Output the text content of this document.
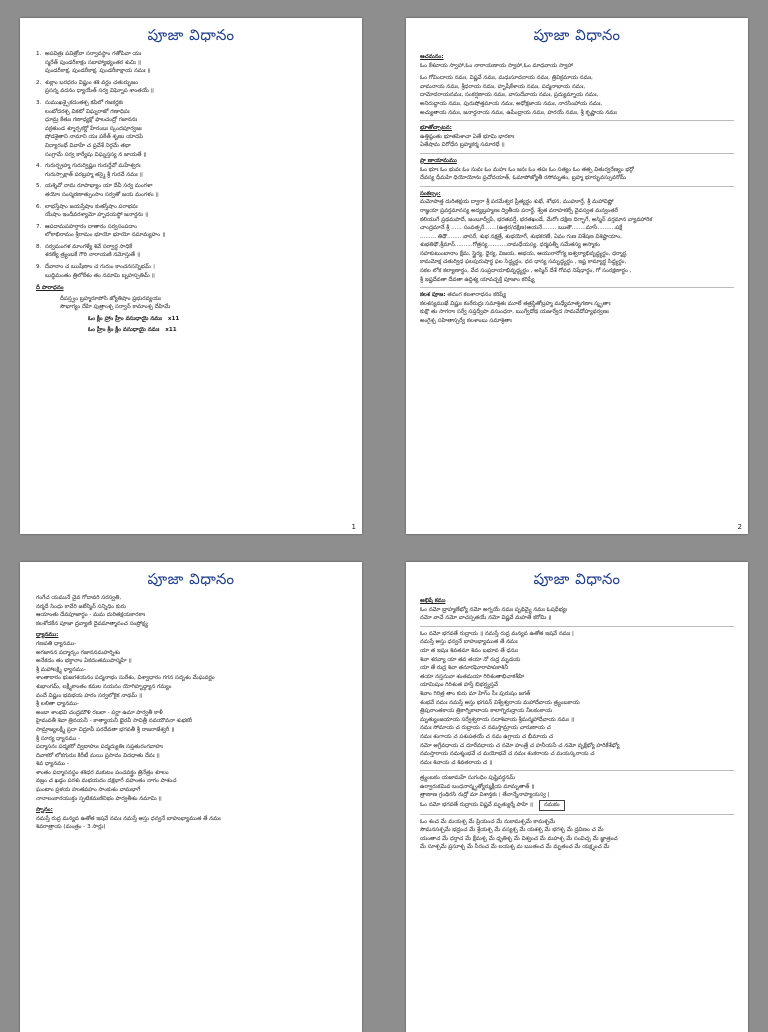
పూజా విధానం
1. అపవిత్రః పవిత్రోవా సర్వావస్థాం గతోపివా యః
స్మరేత్ పుండరీకాక్షం సబాహ్యాభ్యంతర శుచిః ॥
పుండరీకాక్ష, పుండరీకాక్ష, పుండరీకాక్షాయ నమః ॥
2. శుక్లాం బరధరం విష్ణుం శశి వర్ణం చతుర్భుజం
ప్రసన్న వదనం ధ్యాయేత్ సర్వ విఘ్నోప శాంతయే ॥
3. సుముఖశ్చైకదంతశ్చ కపిలో గజకర్ణకః
లంబోదరశ్చ వికటో విఘ్నరాజో గణాధిపః
ధూమ్ర కేతుః గణాధ్యక్షో ఫాలచంద్రో గజాననః
వక్రతుండ శ్శూర్పకర్ణో హేరంబః స్కందపూర్వజః
షోడశైతాని నామాని యః పఠేత్ శృణు యాదపి
విద్యారంభే వివాహే చ ప్రవేశే నిర్గమే తథా
సంగ్రామే సర్వ కార్యేషు విఘ్నస్తస్య న జాయతే ॥
4. గురుర్బ్రహ్మ గురుర్విష్ణుః గురుర్దేవో మహేశ్వరః
గురుస్సాక్షాత్ పరబ్రహ్మ తస్మై శ్రీ గురవే నమః ॥
5. యశ్శివో నామ రూపాభ్యాం యా దేవీ సర్వ మంగళా
తయోః సంస్మరణాత్పుంసాం సర్వతో జయ మంగళం ॥
6. లాభస్తేషాం జయస్తేషాం కుతస్తేషాం పరాభవః
యేషాం ఇందీవరశ్యామో హృదయస్థో జనార్దనః ॥
7. ఆపదామపహర్తారం దాతారం సర్వసంపదాం
లోకాభిరామం శ్రీరామం భూయో భూయో నమామ్యహం ॥
8. సర్వమంగళ మాంగళ్యే శివే సర్వార్థ సాధికే
శరణ్యే త్ర్యంబకే గౌరి నారాయణి నమోస్తుతే ॥
9. దేవానాం చ ఋషీణాం చ గురుం కాంచనసన్నిభమ్ ।
బుద్ధిమంతం త్రిలోకేశం తం నమామి బృహస్పతిమ్ ॥
దీ పారాధనం
దీపస్త్వం బ్రహ్మరూపోసి జ్యోతిషాం ప్రభురవ్యయః
సౌభాగ్యం దేహి పుత్రాంశ్చ సర్వాన్ కామాంశ్చ దేహిమే
ఓం క్లీం హ్రాం హ్రీం వసుధాయై నమః x11
ఓం హ్రీం శ్రీం క్లీం వసుధాయై నమః x11
1
పూజా విధానం
ఆచమనం:
ఓం కేశవాయ స్వాహా,ఓం నారాయణాయ స్వాహా,ఓం మాధవాయ స్వాహా
ఓం గోవిందాయ నమః, విష్ణవే నమః, మధుసూదనాయ నమః, త్రివిక్రమాయ నమః,
వామనాయ నమః, శ్రీధరాయ నమః, హృషీకేశాయ నమః, పద్మనాభాయ నమః,
దామోదరాయనమః, సంకర్షణాయ నమః, వాసుదేవాయ నమః, ప్రద్యుమ్నాయ నమః,
అనిరుద్ధాయ నమః, పురుషోత్తమాయ నమః, అధోక్షజాయ నమః, నారసింహాయ నమః,
అచ్యుతాయ నమః, జనార్దనాయ నమః, ఉపేంద్రాయ నమః, హరయే నమః, శ్రీ కృష్ణాయ నమః
భూతోచ్చాటన:
ఉత్తిష్ఠంతు భూతపిశాచా ఏతే భూమి భారకాః
ఏతేషామ విరోధేన బ్రహ్మకర్మ సమారభే ॥
ప్రా ణాయామము
ఓం భూః ఓం భువః ఓం సువః ఓం మహః ఓం జనః ఓం తపః ఓం సత్యం ఓం తత్స వితుర్వరేణ్యం భర్గో
దేవస్య ధీమహి ధియోయోనః ప్రచోదయాత్, ఓమాపోజ్యోతీ రసోమృతం, బ్రహ్మ భూర్భువస్సువరోమ్
సంకల్పం:
మమోపాత్త దురితక్షయ ద్వారా శ్రీ పరమేశ్వర ప్రీత్యర్థం శుభే, శోభన, ముహూర్తే, శ్రీ మహావిష్ణో
రాజ్ఞయా ప్రవర్తమానస్య అద్యబ్రహ్మణః ద్వితీయ పరార్థే, శ్వేత వరాహకల్పే వైవస్వత మన్వంతరే
కలియుగే ప్రథమపాదే, జంబూద్వీపే, భరతవర్షే, భరతఖండే, మేరోః దక్షిణ దిగ్భాగే, అస్మిన్ వర్తమాన వ్యావహారిక
చాంద్రమానే శ్రీ ...... సంవత్సరే.......(ఉత్తర/దక్షిణ)ఆయనే........ ఋతౌ........మాసే..........పక్షే
......... తిథౌ........ వాసరే, శుభ నక్షత్రే, శుభయోగే, శుభకరణే, ఏవం గుణ విశేషణ విశిష్టాయాం,
శుభతిథౌ,శ్రీమాన్..........గోత్రస్య...........నామధేయస్య, ధర్మపత్నీ సమేతస్య అస్మాకం
సహకుటుంబానాం క్షేమ, స్థైర్య, ధైర్య, విజయ, అభయ, ఆయురారోగ్య ఐశ్వర్యాభివృద్ధ్యర్థం, ధర్మార్థ,
కామమోక్ష చతుర్విధ ఫలపురుషార్థ ఫల సిద్ధ్యర్థం, ధన ధాన్య సమృద్ధ్యర్థం , ఇష్ట కామ్యార్థ సిద్ధ్యర్థం,
సకల లోక కల్యాణార్థం, వేద సంప్రదాయాభివృద్ధ్యర్థం , అస్మిన్ దేశే గోవధ నిషేధార్థం, గో సంరక్షణార్థం ,
శ్రీ ఇష్టదేవతా దేవతా ఉద్దిశ్య యావచ్ఛక్తి పూజాం కరిష్యే
కలశ పూజ: తదంగ కలశారాధనం కరిష్యే
కలశస్యముఖే విష్ణుః కంఠేరుద్రః సమాశ్రితః మూలే తత్రస్థితోబ్రహ్మ మధ్యేమాతృగణాః స్మృతాః
కుక్షౌ తు సాగరాః సర్వే సప్తద్వీపా వసుంధరా, ఋగ్వేదోథ యజుర్వేద సామవేదోహ్యథర్వణః
అంగైశ్చ సహితాస్సర్వే కలశాంబు సమాశ్రితాః
2
పూజా విధానం
గంగేచ యమునే చైవ గోదావరి సరస్వతి,
నర్మదే సింధు కావేరి జలేస్మిన్ సన్నిధిం కురు
ఆయాంతు దేవపూజార్థం - మమ దురితక్షయకారకాః
కలశోదకేన పూజా ద్రవ్యాణి దైవమాత్మానంచ సంప్రోక్ష్య
ధ్యానము:
గణపతి ధ్యానము-
అగజానన పద్మార్కం గజాననమహర్నిశం
అనేకదం తం భక్తానాం ఏకదంతముపాస్మహే ॥
శ్రీ మహాలక్ష్మి ధ్యానము-
శాంతాకారం భుజగశయనం పద్మనాభం సురేశం, విశ్వాధారం గగన సదృశం మేఘవర్ణం
శుభాంగమ్, లక్ష్మీకాంతం కమల నయనం యోగిహృద్ధ్యాన గమ్యం
వందే విష్ణుం భవభయ హరం సర్వలోకైక నాథమ్ ॥
శ్రీ లలితా ధ్యానము-
అంబా శాంభవి చంద్రమౌళి రబలా - పర్ణా ఉమా పార్వతీ కాళీ
హైమవతీ శివా త్రినయనీ - కాత్యాయనీ భైరవీ సావిత్రీ నవయౌవనా శుభకరీ
సామ్రాజ్యలక్ష్మీ ప్రదా చిద్రూపీ పరదేవతా భగవతీ శ్రీ రాజరాజేశ్వరీ ॥
శ్రీ సూర్య ధ్యానము -
పద్మాసనః పద్మకరో ద్విబాహుః పద్మద్యుతిః సప్తతురంగవాహః
దివాకరో లోకగురుః కిరీటీ మయి ప్రసాదం విదధాతు దేవః ॥
శివ ధ్యానము -
శాంతం పద్మాసనస్థం శశిధర మకుటం పంచవక్త్రం త్రినేత్రం శూలం
వజ్రం చ ఖడ్గం పరశు మభయదం దక్షభాగే వహంతం నాగం పాశంచ
ఘంటాం ప్రళయ హుతవహం సాంకుశం వామభాగే
నానాలంకారయుక్తం స్ఫటికమణినిభం పార్వతీశం నమామి ॥
స్నానం:
నమస్తే రుద్ర మన్యవ ఉతోత ఇషవే నమః నమస్తే అస్తు ధన్వనే బాహుభ్యాముత తే నమః
శివరాత్రాయ (మంత్రం - 3 సార్లు)
పూజా విధానం
అభిషే కము
ఓం నమో బ్రాహ్మణేభ్యో నమో అగ్నయే నమః పృథివ్యై నమః ఓషధీభ్యః
నమో వాచే నమో వాచస్పతయే నమో విష్ణవే మహతే కరోమి ॥
ఓం నమో భగవతే రుద్రాయ ॥ నమస్తే రుద్ర మన్యవ ఉతోత ఇషవే నమః |
నమస్తే అస్తు ధన్వనే బాహుభ్యాముత తే నమః
యా త ఇషుః శివతమా శివం బభూవ తే ధనుః
శివా శరవ్యా యా తవ తయా నో రుద్ర మృడయ
యా తే రుద్ర శివా తనూరఘోరాపాపకాశినీ
తయా నస్తనువా శంతమయా గిరిశంతాభిచాకశీహి
యామిషుం గిరిశంత హస్తే బిభర్ష్యస్తవే
శివాం గిరిత్ర తాం కురు మా హిగ్ం సీః పురుషం జగత్
శంభవే నమః నమస్తే అస్తు భగవన్ విశ్వేశ్వరాయ మహాదేవాయ త్ర్యంబకాయ
త్రిపురాంతకాయ త్రికాగ్నికాలాయ కాలాగ్నిరుద్రాయ నీలకంఠాయ
మృత్యుంజయాయ సర్వేశ్వరాయ సదాశివాయ శ్రీమన్మహాదేవాయ నమః ॥
నమః సోమాయ చ రుద్రాయ చ నమస్తామ్రాయ చారుణాయ చ
నమః శంగాయ చ పశుపతయే చ నమ ఉగ్రాయ చ భీమాయ చ
నమో అగ్రేవధాయ చ దూరేవధాయ చ నమో హంత్రే చ హనీయసే చ నమో వృక్షేభ్యో హరికేశేభ్యో
నమస్తారాయ నమశ్శంభవే చ మయోభవే చ నమః శంకరాయ చ మయస్కరాయ చ
నమః శివాయ చ శివతరాయ చ ॥
త్ర్యంబకం యజామహే సుగంధిం పుష్టివర్ధనమ్
ఉర్వారుకమివ బంధనాన్మృత్యోర్ముక్షీయ మామృతాత్ ॥
త్రాణాణ గ్రంథిరసి రుద్రో మా విశాన్తకః । తేనాన్నేనాప్యాయస్వ |
ఓం నమో భగవతే రుద్రాయ విష్ణవే మృత్యుర్మే పాహి ॥ నమకం
ఓం శంచ మే మయశ్చ మే ప్రియంచ మే నుకామశ్చమే కామశ్చమే
సౌమనసశ్చమే భద్రంచ మే శ్రేయశ్చ మే వస్యశ్చ మే యశశ్చ మే భగశ్చ మే ద్రవిణం చ మే
యంతాచ మే ధర్తాచ మే క్షేమశ్చ మే ధృతిశ్చ మే విశ్వంచ మే మహశ్చ మే సంవిచ్చ మే జ్ఞాత్రంచ
మే సూశ్చమే ప్రసూశ్చ మే సీరంచ మే లయశ్చ మ ఋతంచ మే మృతంచ మే యక్ష్మంచ మే
